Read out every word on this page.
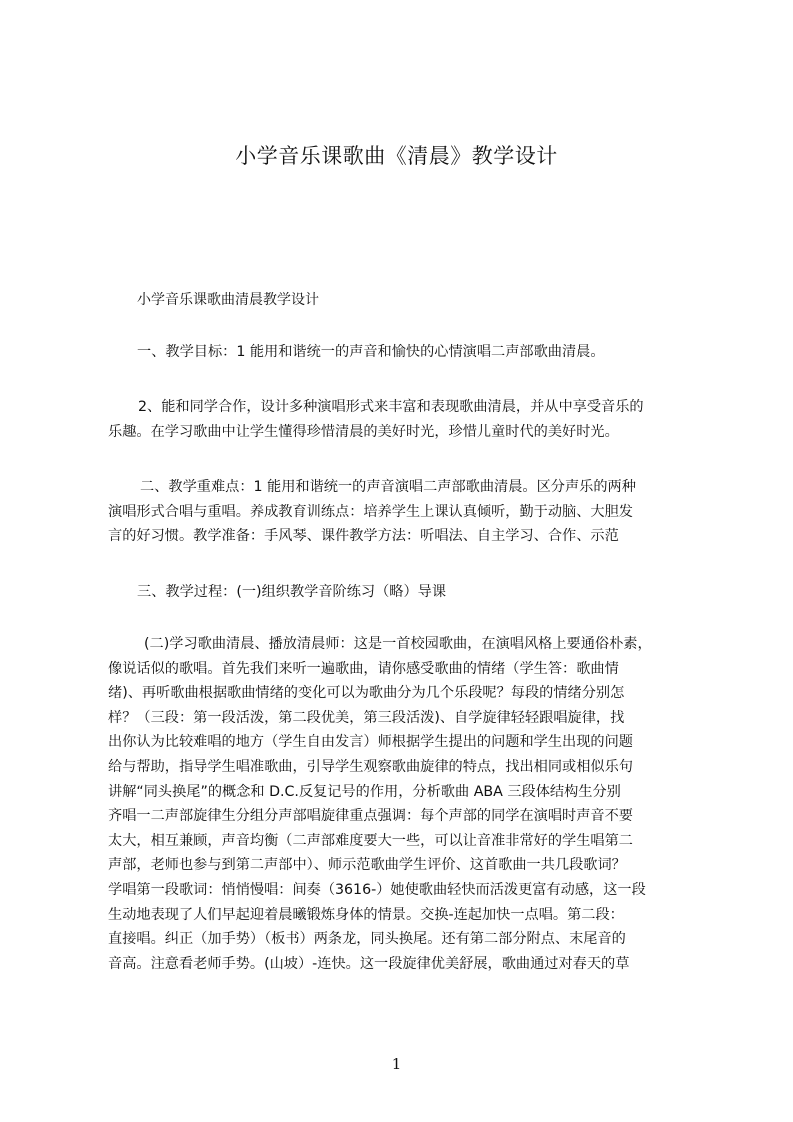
小学音乐课歌曲《清晨》教学设计
小学音乐课歌曲清晨教学设计
一、教学目标：1 能用和谐统一的声音和愉快的心情演唱二声部歌曲清晨。
2、能和同学合作，设计多种演唱形式来丰富和表现歌曲清晨，并从中享受音乐的
乐趣。在学习歌曲中让学生懂得珍惜清晨的美好时光，珍惜儿童时代的美好时光。
二、教学重难点：1 能用和谐统一的声音演唱二声部歌曲清晨。区分声乐的两种
演唱形式合唱与重唱。养成教育训练点：培养学生上课认真倾听，勤于动脑、大胆发
言的好习惯。教学准备：手风琴、课件教学方法：听唱法、自主学习、合作、示范
三、教学过程：(一)组织教学音阶练习（略）导课
(二)学习歌曲清晨、播放清晨师：这是一首校园歌曲，在演唱风格上要通俗朴素，
像说话似的歌唱。首先我们来听一遍歌曲，请你感受歌曲的情绪（学生答：歌曲情
绪)、再听歌曲根据歌曲情绪的变化可以为歌曲分为几个乐段呢？每段的情绪分别怎
样？（三段：第一段活泼，第二段优美，第三段活泼)、自学旋律轻轻跟唱旋律，找
出你认为比较难唱的地方（学生自由发言）师根据学生提出的问题和学生出现的问题
给与帮助，指导学生唱准歌曲，引导学生观察歌曲旋律的特点，找出相同或相似乐句
讲解“同头换尾”的概念和 D.C.反复记号的作用，分析歌曲 ABA 三段体结构生分别
齐唱一二声部旋律生分组分声部唱旋律重点强调：每个声部的同学在演唱时声音不要
太大，相互兼顾，声音均衡（二声部难度要大一些，可以让音准非常好的学生唱第二
声部，老师也参与到第二声部中）、师示范歌曲学生评价、这首歌曲一共几段歌词？
学唱第一段歌词：悄悄慢唱：间奏（3616-）她使歌曲轻快而活泼更富有动感，这一段
生动地表现了人们早起迎着晨曦锻炼身体的情景。交换-连起加快一点唱。第二段：
直接唱。纠正（加手势）（板书）两条龙，同头换尾。还有第二部分附点、末尾音的
音高。注意看老师手势。(山坡）-连快。这一段旋律优美舒展，歌曲通过对春天的草
1
